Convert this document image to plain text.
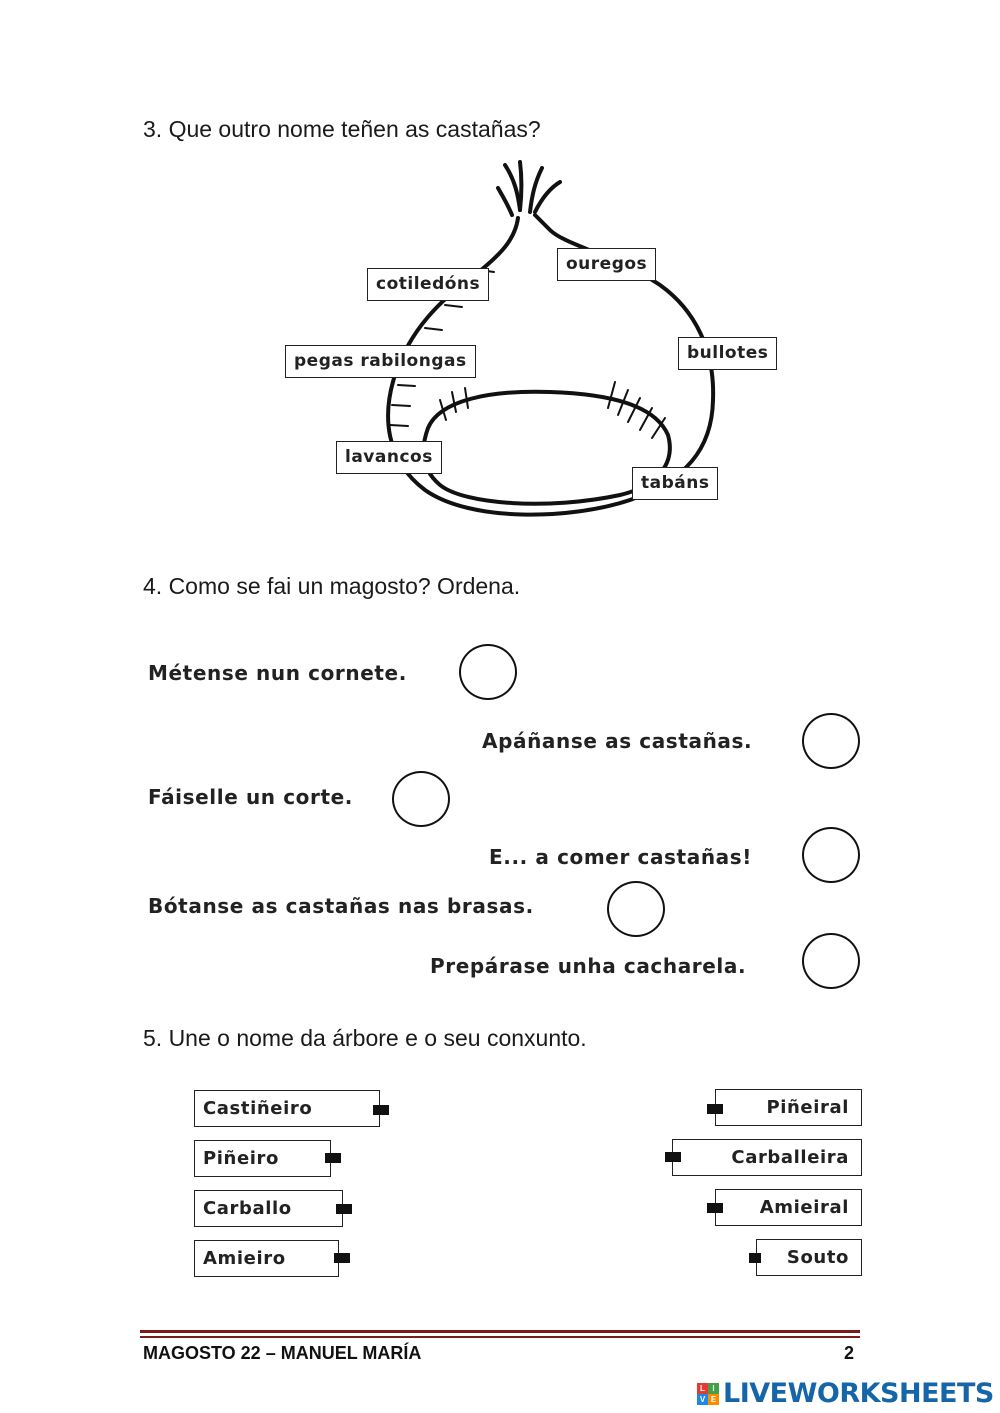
3. Que outro nome teñen as castañas?
cotiledóns
ouregos
pegas rabilongas	bullotes
lavancos
tabáns
4. Como se fai un magosto? Ordena.
Métense nun cornete.
Apáñanse as castañas.
Fáiselle un corte.
E... a comer castañas!
Bótanse as castañas nas brasas.
Prepárase unha cacharela.
5. Une o nome da árbore e o seu conxunto.
Castiñeiro
Piñeiro
Carballo
Amieiro
Piñeiral
Carballeira
Amieiral
Souto
MAGOSTO 22 – MANUEL MARÍA	2
L I
V E LIVEWORKSHEETS
